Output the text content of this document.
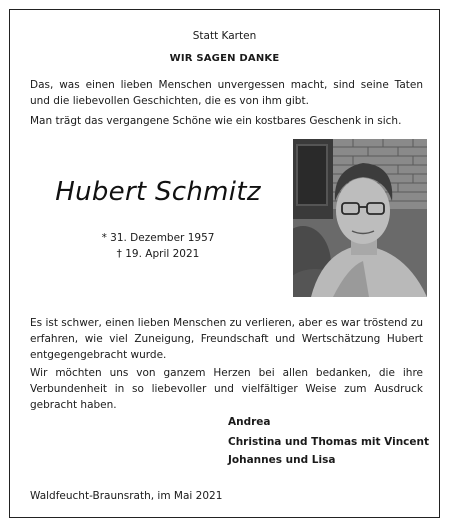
Statt Karten

WIR SAGEN DANKE

Das, was einen lieben Menschen unvergessen macht, sind seine Taten und die liebevollen Geschichten, die es von ihm gibt.

Man trägt das vergangene Schöne wie ein kostbares Geschenk in sich.

Hubert Schmitz

* 31. Dezember 1957

† 19. April 2021

Es ist schwer, einen lieben Menschen zu verlieren, aber es war tröstend zu erfahren, wie viel Zuneigung, Freundschaft und Wertschätzung Hubert entgegengebracht wurde.

Wir möchten uns von ganzem Herzen bei allen bedanken, die ihre Verbundenheit in so liebevoller und vielfältiger Weise zum Ausdruck gebracht haben.

Andrea

Christina und Thomas mit Vincent

Johannes und Lisa

Waldfeucht-Braunsrath, im Mai 2021
